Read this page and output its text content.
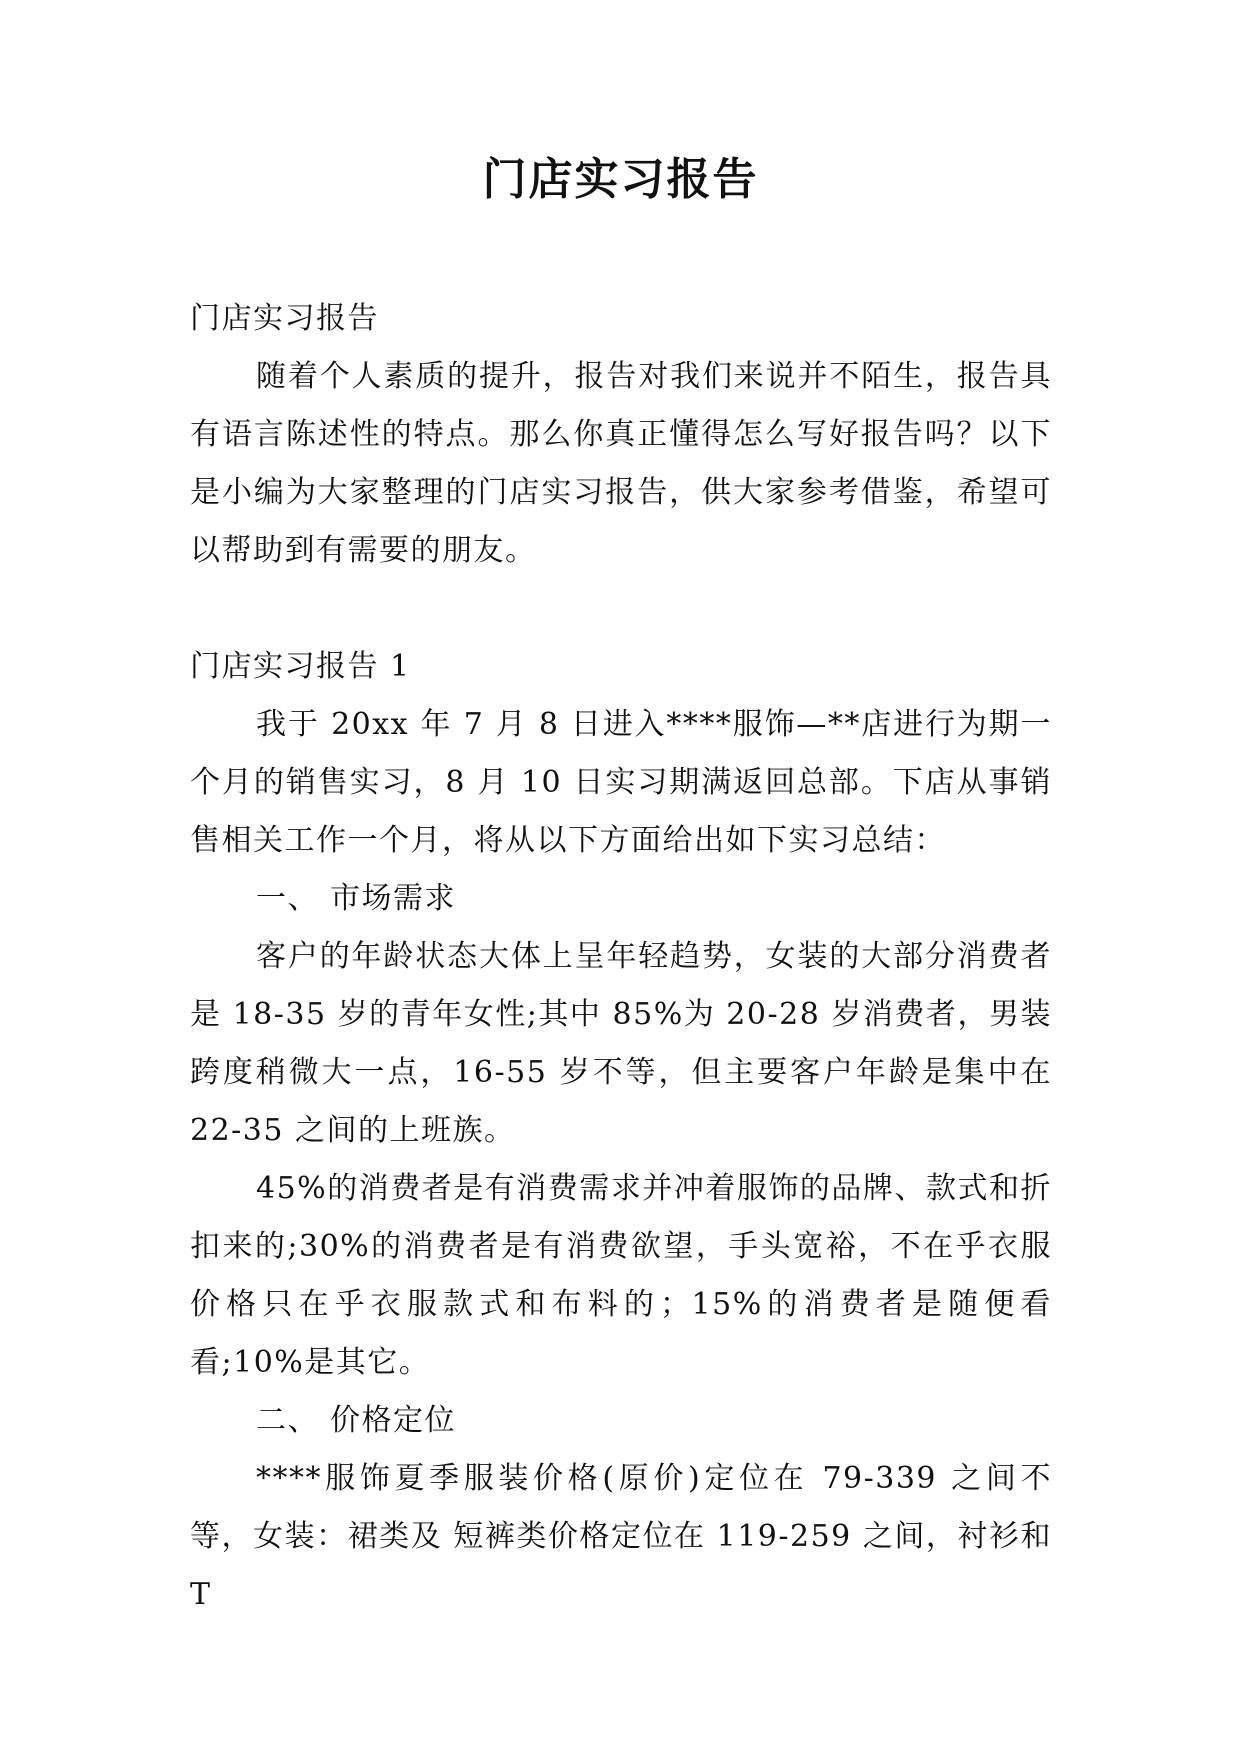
门店实习报告

门店实习报告

随着个人素质的提升，报告对我们来说并不陌生，报告具有语言陈述性的特点。那么你真正懂得怎么写好报告吗？以下是小编为大家整理的门店实习报告，供大家参考借鉴，希望可以帮助到有需要的朋友。

门店实习报告 1

我于 20xx 年 7 月 8 日进入****服饰—**店进行为期一个月的销售实习，8 月 10 日实习期满返回总部。下店从事销售相关工作一个月，将从以下方面给出如下实习总结：

一、 市场需求

客户的年龄状态大体上呈年轻趋势，女装的大部分消费者是 18-35 岁的青年女性;其中 85%为 20-28 岁消费者，男装跨度稍微大一点，16-55 岁不等，但主要客户年龄是集中在 22-35 之间的上班族。

45%的消费者是有消费需求并冲着服饰的品牌、款式和折扣来的;30%的消费者是有消费欲望，手头宽裕，不在乎衣服价格只在乎衣服款式和布料的；15%的消费者是随便看看;10%是其它。

二、 价格定位

****服饰夏季服装价格(原价)定位在 79-339 之间不等，女装：裙类及 短裤类价格定位在 119-259 之间，衬衫和 T
